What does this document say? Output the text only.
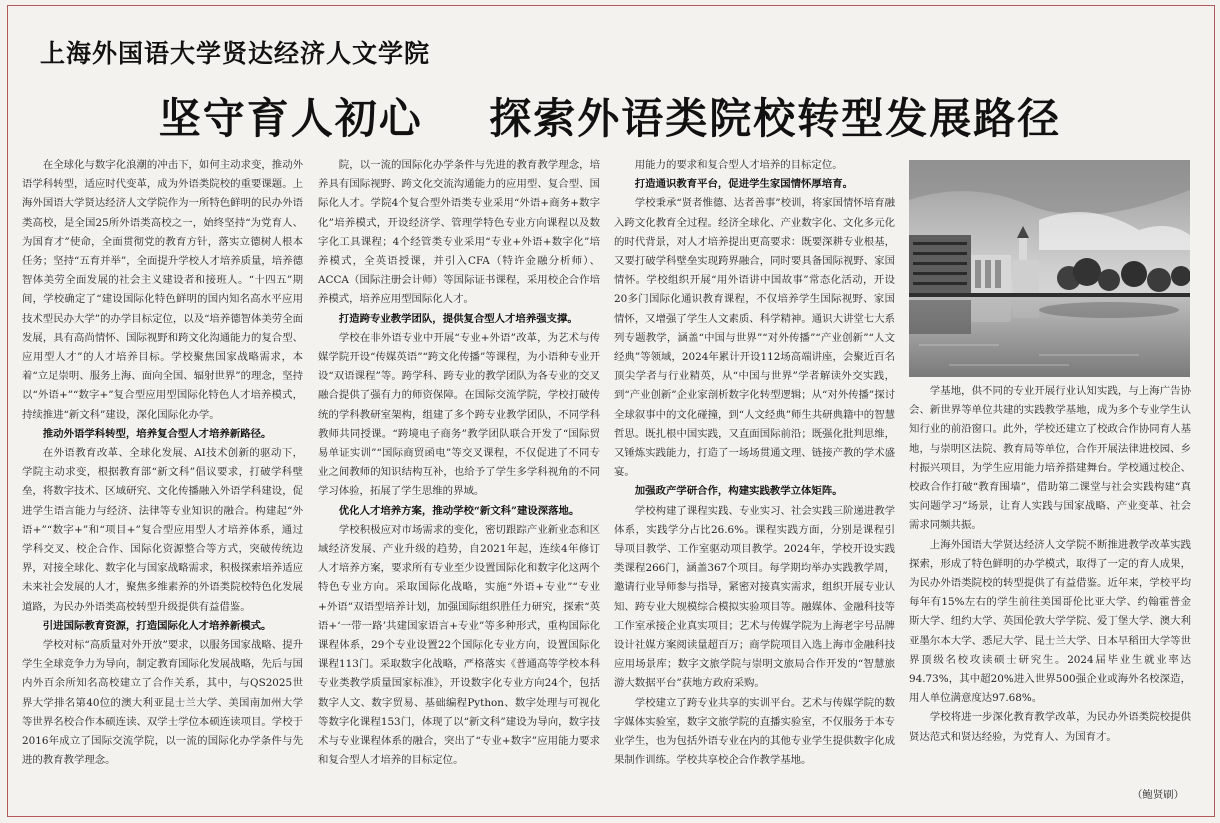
上海外国语大学贤达经济人文学院
坚守育人初心    探索外语类院校转型发展路径

在全球化与数字化浪潮的冲击下，如何主动求变，推动外语学科转型，适应时代变革，成为外语类院校的重要课题。上海外国语大学贤达经济人文学院作为一所特色鲜明的民办外语类高校，是全国25所外语类高校之一，始终坚持“为党育人、为国育才”使命，全面贯彻党的教育方针，落实立德树人根本任务；坚持“五育并举”，全面提升学校人才培养质量，培养德智体美劳全面发展的社会主义建设者和接班人。“十四五”期间，学校确定了“建设国际化特色鲜明的国内知名高水平应用技术型民办大学”的办学目标定位，以及“培养德智体美劳全面发展，具有高尚情怀、国际视野和跨文化沟通能力的复合型、应用型人才”的人才培养目标。学校聚焦国家战略需求，本着“立足崇明、服务上海、面向全国、辐射世界”的理念，坚持以“外语+”“数字+”复合型应用型国际化特色人才培养模式，持续推进“新文科”建设，深化国际化办学。

推动外语学科转型，培养复合型人才培养新路径。

在外语教育改革、全球化发展、AI技术创新的驱动下，学院主动求变，根据教育部“新文科”倡议要求，打破学科壁垒，将数字技术、区域研究、文化传播融入外语学科建设，促进学生语言能力与经济、法律等专业知识的融合。构建起“外语+”“数字+”和“项目+”复合型应用型人才培养体系，通过学科交叉、校企合作、国际化资源整合等方式，突破传统边界，对接全球化、数字化与国家战略需求，积极探索培养适应未来社会发展的人才，聚焦多维素养的外语类院校特色化发展道路，为民办外语类高校转型升级提供有益借鉴。

引进国际教育资源，打造国际化人才培养新模式。

学校对标“高质量对外开放”要求，以服务国家战略、提升学生全球竞争力为导向，制定教育国际化发展战略，先后与国内外百余所知名高校建立了合作关系，其中，与QS2025世界大学排名第40位的澳大利亚昆士兰大学、美国南加州大学等世界名校合作本硕连读、双学士学位本硕连读项目。学校于2016年成立了国际交流学院，以一流的国际化办学条件与先进的教育教学理念。

院，以一流的国际化办学条件与先进的教育教学理念，培养具有国际视野、跨文化交流沟通能力的应用型、复合型、国际化人才。学院4个复合型外语类专业采用“外语+商务+数字化”培养模式，开设经济学、管理学特色专业方向课程以及数字化工具课程；4个经管类专业采用“专业+外语+数字化”培养模式，全英语授课，并引入CFA（特许金融分析师）、ACCA（国际注册会计师）等国际证书课程，采用校企合作培养模式，培养应用型国际化人才。

打造跨专业教学团队，提供复合型人才培养强支撑。

学校在非外语专业中开展“专业+外语”改革，为艺术与传媒学院开设“传媒英语”“跨文化传播”等课程，为小语种专业开设“双语课程”等。跨学科、跨专业的教学团队为各专业的交叉融合提供了强有力的师资保障。在国际交流学院，学校打破传统的学科教研室架构，组建了多个跨专业教学团队，不同学科教师共同授课。“跨境电子商务”教学团队联合开发了“国际贸易单证实训”“国际商贸函电”等交叉课程，不仅促进了不同专业之间教师的知识结构互补，也给予了学生多学科视角的不同学习体验，拓展了学生思维的界域。

优化人才培养方案，推动学校“新文科”建设深落地。

学校积极应对市场需求的变化，密切跟踪产业新业态和区域经济发展、产业升级的趋势，自2021年起，连续4年修订人才培养方案，要求所有专业至少设置国际化和数字化这两个特色专业方向。采取国际化战略，实施“外语+专业”“专业+外语”双语型培养计划，加强国际组织胜任力研究，探索“英语+‘一带一路’共建国家语言+专业”等多种形式，重构国际化课程体系，29个专业设置22个国际化专业方向，设置国际化课程113门。采取数字化战略，严格落实《普通高等学校本科专业类教学质量国家标准》，开设数字化专业方向24个，包括数字人文、数字贸易、基础编程Python、数字处理与可视化等数字化课程153门，体现了以“新文科”建设为导向，数字技术与专业课程体系的融合，突出了“专业+数字”应用能力要求和复合型人才培养的目标定位。

用能力的要求和复合型人才培养的目标定位。

打造通识教育平台，促进学生家国情怀厚培育。

学校秉承“贤者惟德、达者善事”校训，将家国情怀培育融入跨文化教育全过程。经济全球化、产业数字化、文化多元化的时代背景，对人才培养提出更高要求：既要深耕专业根基，又要打破学科壁垒实现跨界融合，同时要具备国际视野、家国情怀。学校组织开展“用外语讲中国故事”常态化活动，开设20多门国际化通识教育课程，不仅培养学生国际视野、家国情怀，又增强了学生人文素质、科学精神。通识大讲堂七大系列专题教学，涵盖“中国与世界”“对外传播”“产业创新”“人文经典”等领域，2024年累计开设112场高端讲座，会聚近百名顶尖学者与行业精英，从“中国与世界”学者解读外交实践，到“产业创新”企业家剖析数字化转型逻辑；从“对外传播”探讨全球叙事中的文化碰撞，到“人文经典”师生共研典籍中的智慧哲思。既扎根中国实践，又直面国际前沿；既强化批判思维，又锤炼实践能力，打造了一场场贯通文理、链接产教的学术盛宴。

加强政产学研合作，构建实践教学立体矩阵。

学校构建了课程实践、专业实习、社会实践三阶递进教学体系，实践学分占比26.6%。课程实践方面，分别是课程引导项目教学、工作室驱动项目教学。2024年，学校开设实践类课程266门，涵盖367个项目。每学期均举办实践教学周，邀请行业导师参与指导，紧密对接真实需求，组织开展专业认知、跨专业大规模综合模拟实验项目等。融媒体、金融科技等工作室承接企业真实项目；艺术与传媒学院为上海老字号品牌设计社媒方案阅读量超百万；商学院项目入选上海市金融科技应用场景库；数字文旅学院与崇明文旅局合作开发的“智慧旅游大数据平台”获地方政府采购。

学校建立了跨专业共享的实训平台。艺术与传媒学院的数字媒体实验室，数字文旅学院的直播实验室，不仅服务于本专业学生，也为包括外语专业在内的其他专业学生提供数字化成果制作训练。学校共享校企合作教学基地。

学基地，供不同的专业开展行业认知实践，与上海广告协会、新世界等单位共建的实践教学基地，成为多个专业学生认知行业的前沿窗口。此外，学校还建立了校政合作协同育人基地，与崇明区法院、教育局等单位，合作开展法律进校园、乡村振兴项目，为学生应用能力培养搭建舞台。学校通过校企、校政合作打破“教育围墙”，借助第二课堂与社会实践构建“真实问题学习”场景，让育人实践与国家战略、产业变革、社会需求同频共振。

上海外国语大学贤达经济人文学院不断推进教学改革实践探索，形成了特色鲜明的办学模式，取得了一定的育人成果，为民办外语类院校的转型提供了有益借鉴。近年来，学校平均每年有15%左右的学生前往美国哥伦比亚大学、约翰霍普金斯大学、纽约大学、英国伦敦大学学院、爱丁堡大学、澳大利亚墨尔本大学、悉尼大学、昆士兰大学、日本早稻田大学等世界顶级名校攻读硕士研究生。2024届毕业生就业率达94.73%，其中超20%进入世界500强企业或海外名校深造，用人单位满意度达97.68%。

学校将进一步深化教育教学改革，为民办外语类院校提供贤达范式和贤达经验，为党育人、为国育才。

（鲍贤刷）
